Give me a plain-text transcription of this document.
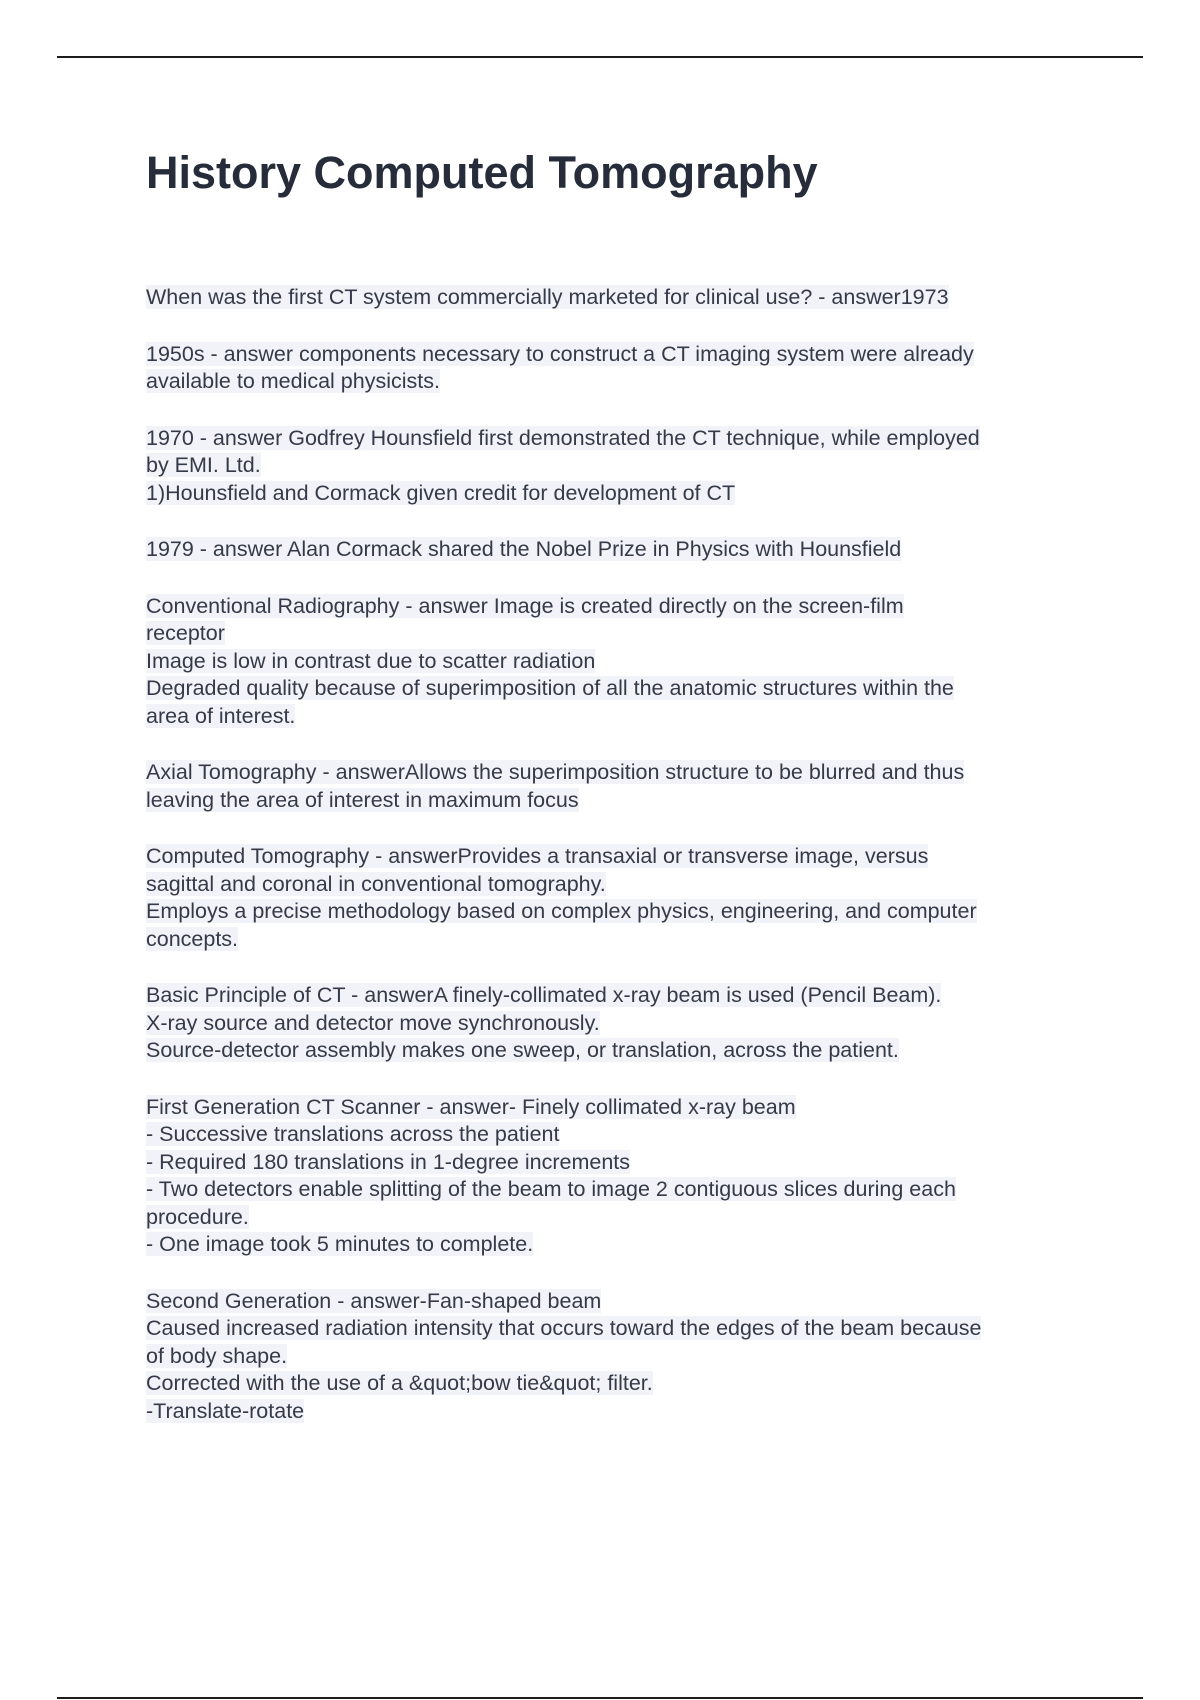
History Computed Tomography
When was the first CT system commercially marketed for clinical use? - answer1973
1950s - answer components necessary to construct a CT imaging system were already
available to medical physicists.
1970 - answer Godfrey Hounsfield first demonstrated the CT technique, while employed
by EMI. Ltd.
1)Hounsfield and Cormack given credit for development of CT
1979 - answer Alan Cormack shared the Nobel Prize in Physics with Hounsfield
Conventional Radiography - answer Image is created directly on the screen-film
receptor
Image is low in contrast due to scatter radiation
Degraded quality because of superimposition of all the anatomic structures within the
area of interest.
Axial Tomography - answerAllows the superimposition structure to be blurred and thus
leaving the area of interest in maximum focus
Computed Tomography - answerProvides a transaxial or transverse image, versus
sagittal and coronal in conventional tomography.
Employs a precise methodology based on complex physics, engineering, and computer
concepts.
Basic Principle of CT - answerA finely-collimated x-ray beam is used (Pencil Beam).
X-ray source and detector move synchronously.
Source-detector assembly makes one sweep, or translation, across the patient.
First Generation CT Scanner - answer- Finely collimated x-ray beam
- Successive translations across the patient
- Required 180 translations in 1-degree increments
- Two detectors enable splitting of the beam to image 2 contiguous slices during each
procedure.
- One image took 5 minutes to complete.
Second Generation - answer-Fan-shaped beam
Caused increased radiation intensity that occurs toward the edges of the beam because
of body shape.
Corrected with the use of a &quot;bow tie&quot; filter.
-Translate-rotate
